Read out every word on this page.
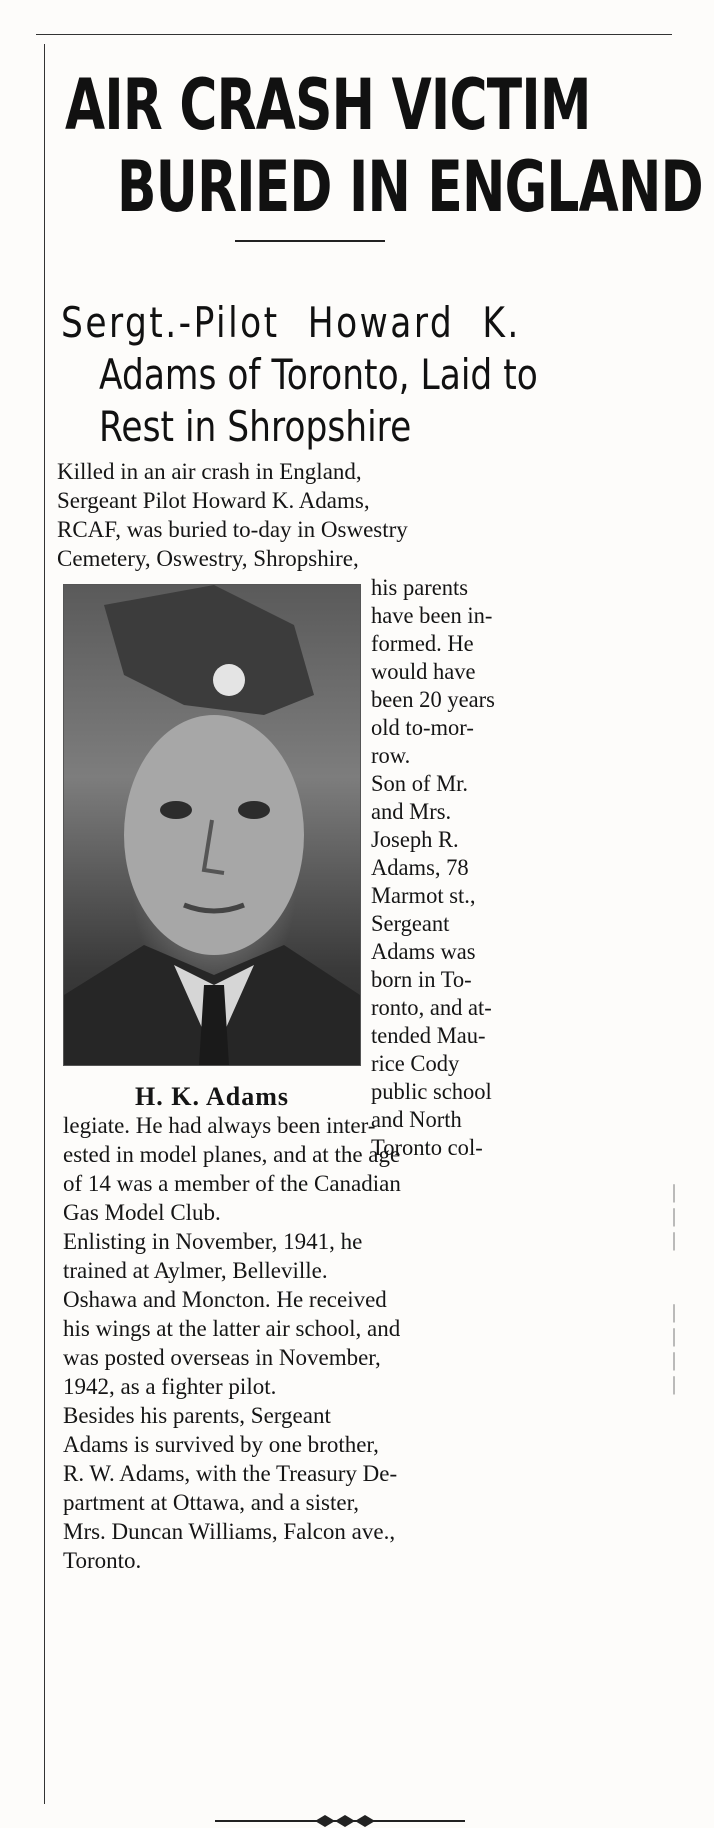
AIR CRASH VICTIM
BURIED IN ENGLAND
Sergt.-Pilot Howard K.
Adams of Toronto, Laid to
Rest in Shropshire
Killed in an air crash in England,
Sergeant Pilot Howard K. Adams,
RCAF, was buried to-day in Oswestry
Cemetery, Oswestry, Shropshire,
his parents
have been in-
formed. He
would have
been 20 years
old to-mor-
row.
Son of Mr.
and Mrs.
Joseph R.
Adams, 78
Marmot st.,
Sergeant
Adams was
born in To-
ronto, and at-
tended Mau-
rice Cody
public school
and North
Toronto col-
H. K. Adams
legiate. He had always been inter-
ested in model planes, and at the age
of 14 was a member of the Canadian
Gas Model Club.
Enlisting in November, 1941, he
trained at Aylmer, Belleville.
Oshawa and Moncton. He received
his wings at the latter air school, and
was posted overseas in November,
1942, as a fighter pilot.
Besides his parents, Sergeant
Adams is survived by one brother,
R. W. Adams, with the Treasury De-
partment at Ottawa, and a sister,
Mrs. Duncan Williams, Falcon ave.,
Toronto.
|
|
|

|
|
|
|
